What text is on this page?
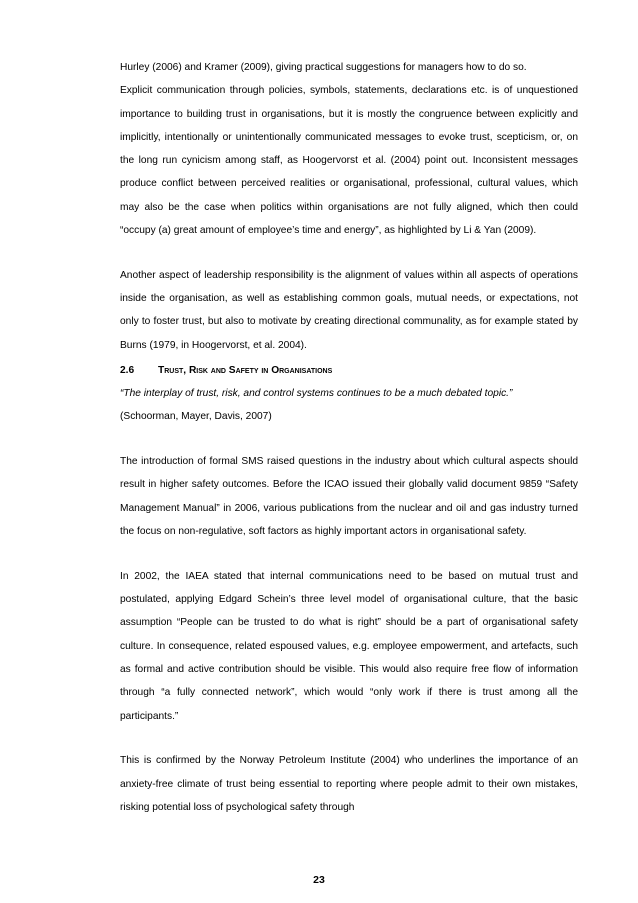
Hurley (2006) and Kramer (2009), giving practical suggestions for managers how to do so.

Explicit communication through policies, symbols, statements, declarations etc. is of unquestioned importance to building trust in organisations, but it is mostly the congruence between explicitly and implicitly, intentionally or unintentionally communicated messages to evoke trust, scepticism, or, on the long run cynicism among staff, as Hoogervorst et al. (2004) point out. Inconsistent messages produce conflict between perceived realities or organisational, professional, cultural values, which may also be the case when politics within organisations are not fully aligned, which then could “occupy (a) great amount of employee’s time and energy”, as highlighted by Li & Yan (2009).

Another aspect of leadership responsibility is the alignment of values within all aspects of operations inside the organisation, as well as establishing common goals, mutual needs, or expectations, not only to foster trust, but also to motivate by creating directional communality, as for example stated by Burns (1979, in Hoogervorst, et al. 2004).

2.6 Trust, Risk and Safety in Organisations

“The interplay of trust, risk, and control systems continues to be a much debated topic.”

(Schoorman, Mayer, Davis, 2007)

The introduction of formal SMS raised questions in the industry about which cultural aspects should result in higher safety outcomes. Before the ICAO issued their globally valid document 9859 “Safety Management Manual” in 2006, various publications from the nuclear and oil and gas industry turned the focus on non-regulative, soft factors as highly important actors in organisational safety.

In 2002, the IAEA stated that internal communications need to be based on mutual trust and postulated, applying Edgard Schein’s three level model of organisational culture, that the basic assumption “People can be trusted to do what is right” should be a part of organisational safety culture. In consequence, related espoused values, e.g. employee empowerment, and artefacts, such as formal and active contribution should be visible. This would also require free flow of information through “a fully connected network”, which would “only work if there is trust among all the participants.”

This is confirmed by the Norway Petroleum Institute (2004) who underlines the importance of an anxiety-free climate of trust being essential to reporting where people admit to their own mistakes, risking potential loss of psychological safety through

23
